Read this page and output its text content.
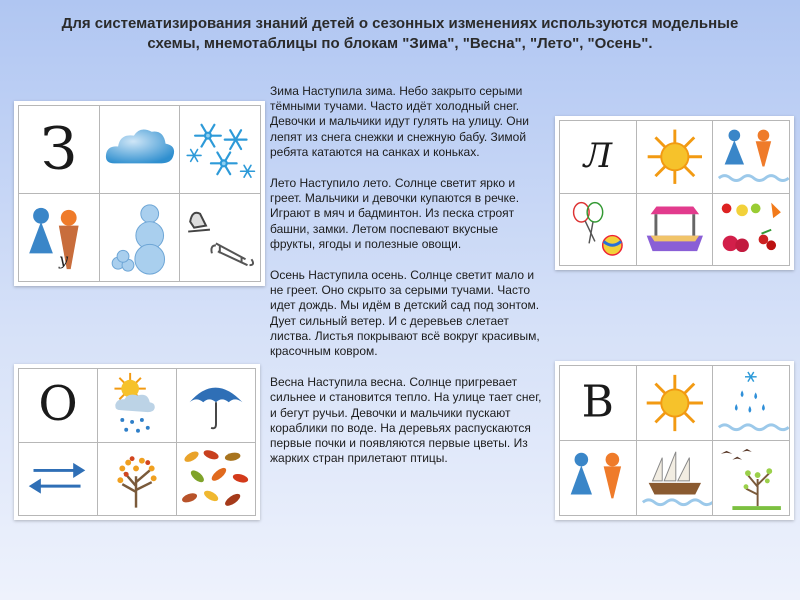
Для систематизирования знаний детей о сезонных изменениях используются модельные схемы, мнемотаблицы по блокам "Зима", "Весна", "Лето", "Осень".

Зима Наступила зима. Небо закрыто серыми тёмными тучами. Часто идёт холодный снег. Девочки и мальчики идут гулять на улицу. Они лепят из снега снежки и снежную бабу. Зимой ребята катаются на санках и коньках.

Лето Наступило лето. Солнце светит ярко и греет. Мальчики и девочки купаются в речке. Играют в мяч и бадминтон. Из песка строят башни, замки. Летом поспевают вкусные фрукты, ягоды и полезные овощи.

Осень Наступила осень. Солнце светит мало и не греет. Оно скрыто за серыми тучами. Часто идет дождь. Мы идём в детский сад под зонтом. Дует сильный ветер. И с деревьев слетает листва. Листья покрывают всё вокруг красивым, красочным ковром.

Весна Наступила весна. Солнце пригревает сильнее и становится тепло. На улице тает снег, и бегут ручьи. Девочки и мальчики пускают кораблики по воде. На деревьях распускаются первые почки и появляются первые цветы. Из жарких стран прилетают птицы.

З
у
Л
О	В
